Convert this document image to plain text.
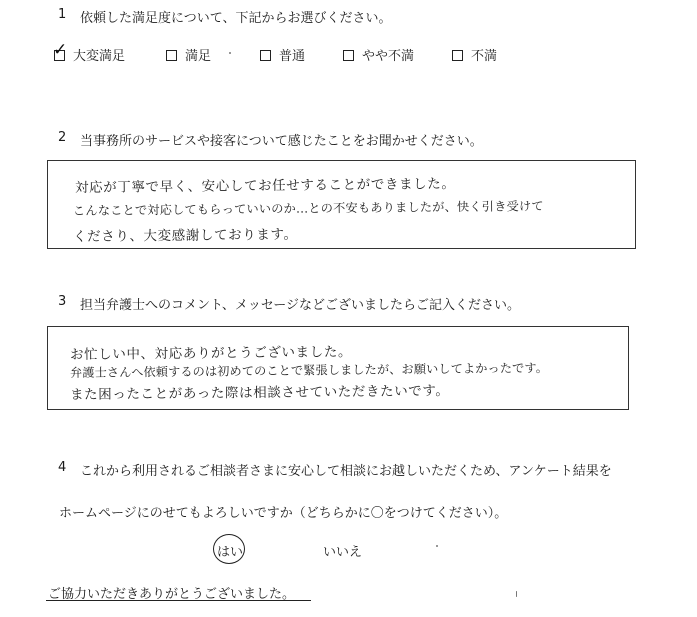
1 依頼した満足度について、下記からお選びください。
✓ 大変満足	満足	普通	やや不満	不満
2 当事務所のサービスや接客について感じたことをお聞かせください。
対応が丁寧で早く、安心してお任せすることができました。
こんなことで対応してもらっていいのか…との不安もありましたが、快く引き受けて
くださり、大変感謝しております。
3 担当弁護士へのコメント、メッセージなどございましたらご記入ください。
お忙しい中、対応ありがとうございました。
弁護士さんへ依頼するのは初めてのことで緊張しましたが、お願いしてよかったです。
また困ったことがあった際は相談させていただきたいです。
4 これから利用されるご相談者さまに安心して相談にお越しいただくため、アンケート結果を
ホームページにのせてもよろしいですか（どちらかに〇をつけてください）。
はい	いいえ
ご協力いただきありがとうございました。
